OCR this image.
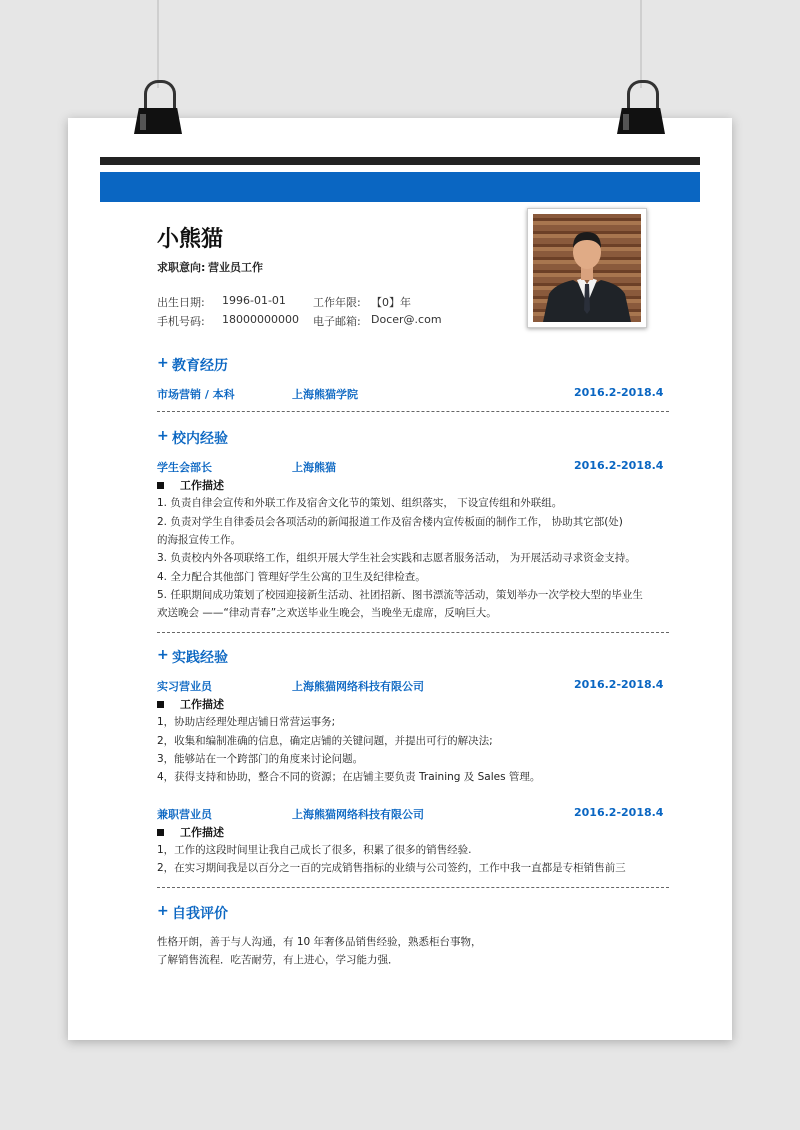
小熊猫
求职意向: 营业员工作
出生日期: 1996-01-01 工作年限: 【0】年
手机号码: 18000000000 电子邮箱: Docer@.com
+ 教育经历
市场营销 / 本科	上海熊猫学院	2016.2-2018.4
+ 校内经验
学生会部长	上海熊猫	2016.2-2018.4
工作描述
1. 负责自律会宣传和外联工作及宿舍文化节的策划、组织落实， 下设宣传组和外联组。
2. 负责对学生自律委员会各项活动的新闻报道工作及宿舍楼内宣传板面的制作工作， 协助其它部(处)
的海报宣传工作。
3. 负责校内外各项联络工作，组织开展大学生社会实践和志愿者服务活动， 为开展活动寻求资金支持。
4. 全力配合其他部门 管理好学生公寓的卫生及纪律检查。
5. 任职期间成功策划了校园迎接新生活动、社团招新、图书漂流等活动，策划举办一次学校大型的毕业生
欢送晚会 ——“律动青春”之欢送毕业生晚会，当晚坐无虚席，反响巨大。
+ 实践经验
实习营业员	上海熊猫网络科技有限公司	2016.2-2018.4
工作描述
1，协助店经理处理店铺日常营运事务;
2，收集和编制准确的信息，确定店铺的关键问题，并提出可行的解决法;
3，能够站在一个跨部门的角度来讨论问题。
4，获得支持和协助，整合不同的资源；在店铺主要负责 Training 及 Sales 管理。
兼职营业员	上海熊猫网络科技有限公司	2016.2-2018.4
工作描述
1，工作的这段时间里让我自己成长了很多，积累了很多的销售经验.
2，在实习期间我是以百分之一百的完成销售指标的业绩与公司签约，工作中我一直都是专柜销售前三
+ 自我评价
性格开朗，善于与人沟通，有 10 年奢侈品销售经验，熟悉柜台事物，
了解销售流程．吃苦耐劳，有上进心，学习能力强．
